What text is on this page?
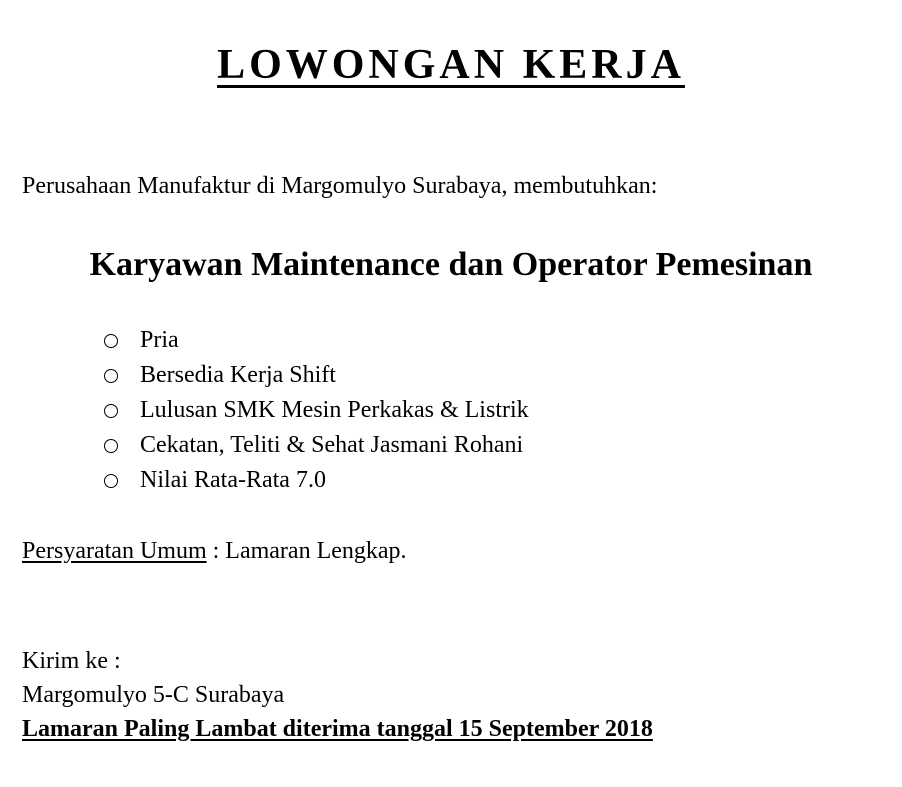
LOWONGAN KERJA
Perusahaan Manufaktur di Margomulyo Surabaya, membutuhkan:
Karyawan Maintenance dan Operator Pemesinan
Pria
Bersedia Kerja Shift
Lulusan SMK Mesin Perkakas & Listrik
Cekatan, Teliti & Sehat Jasmani Rohani
Nilai Rata-Rata 7.0
Persyaratan Umum : Lamaran Lengkap.
Kirim ke :
Margomulyo 5-C Surabaya
Lamaran Paling Lambat diterima tanggal 15 September 2018
